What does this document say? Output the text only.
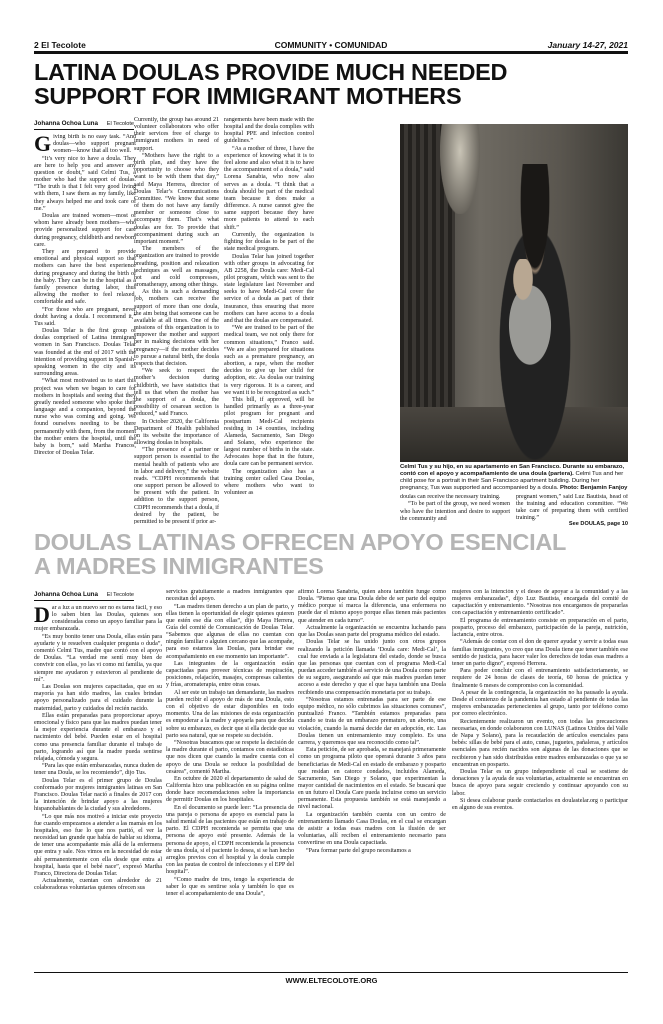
2 El Tecolote	COMMUNITY • COMUNIDAD	January 14-27, 2021
LATINA DOULAS PROVIDE MUCH NEEDED
SUPPORT FOR IMMIGRANT MOTHERS
Johanna Ochoa Luna	El Tecolote

Giving birth is no easy task. “And doulas—who support pregnant women—know that all too well.

“It’s very nice to have a doula. They are here to help you and answer any question or doubt,” said Celmi Tus, a mother who had the support of doulas. “The truth is that I felt very good living with them, I saw them as my family, like they always helped me and took care of me.”

Doulas are trained women—most of whom have already been mothers—who provide personalized support for care during pregnancy, childbirth and newborn care.

They are prepared to provide emotional and physical support so that mothers can have the best experience during pregnancy and during the birth of the baby. They can be in the hospital as a family presence during labor, thus allowing the mother to feel relaxed, comfortable and safe.

“For those who are pregnant, never doubt having a doula. I recommend it,” Tus said.

Doulas Telar is the first group of doulas comprised of Latina immigrant women in San Francisco. Doulas Telar was founded at the end of 2017 with the intention of providing support in Spanish-speaking women in the city and its surrounding areas.

“What most motivated us to start this project was when we began to care for mothers in hospitals and seeing that they greatly needed someone who spoke their language and a companion, beyond the nurse who was coming and going. We found ourselves needing to be there permanently with them, from the moment the mother enters the hospital, until the baby is born,” said Martha Francos, Director of Doulas Telar.

Currently, the group has around 21 volunteer collaborators who offer their services free of charge to immigrant mothers in need of support.

“Mothers have the right to a birth plan, and they have the opportunity to choose who they want to be with them that day,” said Maya Herrera, director of Doulas Telar’s Communications Committee. “We know that some of them do not have any family member or someone close to accompany them. That’s what doulas are for. To provide that accompaniment during such an important moment.”

The members of the organization are trained to provide breathing, position and relaxation techniques as well as massages, hot and cold compresses, aromatherapy, among other things.

As this is such a demanding job, mothers can receive the support of more than one doula, the aim being that someone can be available at all times. One of the missions of this organization is to empower the mother and support her in making decisions with her pregnancy—if the mother decides to pursue a natural birth, the doula respects that decision.

“We seek to respect the mother’s decision during childbirth, we have statistics that tell us that when the mother has the support of a doula, the possibility of cesarean section is reduced,” said Franco.

In October 2020, the California Department of Health published on its website the importance of allowing doulas in hospitals.

“The presence of a partner or support person is essential to the mental health of patients who are in labor and delivery,” the website reads. “CDPH recommends that one support person be allowed to be present with the patient. In addition to the support person, CDPH recommends that a doula, if desired by the patient, be permitted to be present if prior ar-

rangements have been made with the hospital and the doula complies with hospital PPE and infection control guidelines.”

“As a mother of three, I have the experience of knowing what it is to feel alone and also what it is to have the accompaniment of a doula,” said Lorena Sanabia, who now also serves as a doula. “I think that a doula should be part of the medical team because it does make a difference. A nurse cannot give the same support because they have more patients to attend to each shift.”

Currently, the organization is fighting for doulas to be part of the state medical program.

Doulas Telar has joined together with other groups in advocating for AB 2258, the Doula care: Medi-Cal pilot program, which was sent to the state legislature last November and seeks to have Medi-Cal cover the service of a doula as part of their insurance, thus ensuring that more mothers can have access to a doula and that the doulas are compensated.

“We are trained to be part of the medical team, we not only there for common situations,” Franco said. “We are also prepared for situations such as a premature pregnancy, an abortion, a rape, when the mother decides to give up her child for adoption, etc. As doulas our training is very rigorous. It is a career, and we want it to be recognized as such.”

This bill, if approved, will be handled primarily as a three-year pilot program for pregnant and postpartum Medi-Cal recipients residing in 14 counties, including Alameda, Sacramento, San Diego and Solano, who experience the largest number of births in the state. Advocates hope that in the future, doula care can be permanent service.

The organization also has a training center called Casa Doulas, where mothers who want to volunteer as

doulas can receive the necessary training.

“To be part of the group, we need women who have the intention and desire to support the community and

pregnant women,” said Luz Bautista, head of the training and education committee. “We take care of preparing them with certified training.”

Celmi Tus y su hijo, en su apartamento en San Francisco. Durante su embarazo, contó con el apoyo y acompañamiento de una doula (partera). Celmi Tus and her child pose for a portrait in their San Francisco apartment building. During her pregnancy, Tus was supported and accompanied by a doula. Photo: Benjamin Fanjoy
See DOULAS, page 10
DOULAS LATINAS OFRECEN APOYO ESENCIAL
A MADRES INMIGRANTES
Johanna Ochoa Luna	El Tecolote

Dar a luz a un nuevo ser no es tarea fácil, y eso lo saben bien las Doulas, quienes son consideradas como un apoyo familiar para la mujer embarazada.

“Es muy bonito tener una Doula, ellas están para ayudarte y te resuelven cualquier pregunta o duda”, comentó Celmi Tus, madre que contó con el apoyo de Doulas. “La verdad me sentí muy bien de convivir con ellas, yo las vi como mi familia, ya que siempre me ayudaron y estuvieron al pendiente de mí”.

Las Doulas son mujeres capacitadas, que en su mayoría ya han sido madres, las cuales brindan apoyo personalizado para el cuidado durante la maternidad, parto y cuidados del recién nacido.

Ellas están preparadas para proporcionar apoyo emocional y físico para que las madres puedan tener la mejor experiencia durante el embarazo y el nacimiento del bebé. Pueden estar en el hospital como una presencia familiar durante el trabajo de parto, logrando así que la madre pueda sentirse relajada, cómoda y segura.

“Para las que están embarazadas, nunca duden de tener una Doula, se los recomiendo”, dijo Tus.

Doulas Telar es el primer grupo de Doulas conformado por mujeres inmigrantes latinas en San Francisco. Doulas Telar nació a finales de 2017 con la intención de brindar apoyo a las mujeres hispanohablantes de la ciudad y sus alrededores.

“Lo que más nos motivó a iniciar este proyecto fue cuando empezamos a atender a las mamás en los hospitales, eso fue lo que nos partió, el ver la necesidad tan grande que había de hablar su idioma, de tener una acompañante más allá de la enfermera que entra y sale. Nos vimos en la necesidad de estar ahí permanentemente con ella desde que entra al hospital, hasta que el bebé nace”, expresó Martha Franco, Directora de Doulas Telar.

Actualmente, cuentan con alrededor de 21 colaboradoras voluntarias quienes ofrecen sus

servicios gratuitamente a madres inmigrantes que necesitan del apoyo.

“Las madres tienen derecho a un plan de parto, y ellas tienen la oportunidad de elegir quienes quieren que estén ese día con ellas”, dijo Maya Herrera, Guía del comité de Comunicación de Doulas Telar. “Sabemos que algunas de ellas no cuentan con ningún familiar o alguien cercano que las acompañe, para eso estamos las Doulas, para brindar ese acompañamiento en ese momento tan importante”.

Las integrantes de la organización están capacitadas para proveer técnicas de respiración, posiciones, relajación, masajes, compresas calientes y frías, aromaterapia, entre otras cosas.

Al ser este un trabajo tan demandante, las madres pueden recibir el apoyo de más de una Doula, esto con el objetivo de estar disponibles en todo momento. Una de las misiones de esta organización es empoderar a la madre y apoyarla para que decida sobre su embarazo, es decir que si ella decide que su parto sea natural, que se respete su decisión.

“Nosotras buscamos que se respete la decisión de la madre durante el parto, contamos con estadísticas que nos dicen que cuando la madre cuenta con el apoyo de una Doula se reduce la posibilidad de cesárea”, comentó Martha.

En octubre de 2020 el departamento de salud de California hizo una publicación en su página online donde hace recomendaciones sobre la importancia de permitir Doulas en los hospitales.

En el documento se puede leer: “La presencia de una pareja o persona de apoyo es esencial para la salud mental de las pacientes que están en trabajo de parto. El CDPH recomienda se permita que una persona de apoyo esté presente. Además de la persona de apoyo, el CDPH recomienda la presencia de una doula, si el paciente lo desea, si se han hecho arreglos previos con el hospital y la doula cumple con las pautas de control de infecciones y el EPP del hospital”.

“Como madre de tres, tengo la experiencia de saber lo que es sentirse sola y también lo que es tener el acompañamiento de una Doula”,

afirmó Lorena Sanabria, quien ahora también funge como Doula. “Pienso que una Doula debe de ser parte del equipo médico porque sí marca la diferencia, una enfermera no puede dar el mismo apoyo porque ellas tienen más pacientes que atender en cada turno”.

Actualmente la organización se encuentra luchando para que las Doulas sean parte del programa médico del estado.

Doulas Telar se ha unido junto con otros grupos realizando la petición llamada ‘Doula care: Medi-Cal’, la cual fue enviada a la legislatura del estado, donde se busca que las personas que cuentan con el programa Medi-Cal puedan acceder también al servicio de una Doula como parte de su seguro, asegurando así que más madres puedan tener acceso a este derecho y que el que haya también una Doula recibiendo una compensación monetaria por su trabajo.

“Nosotras estamos entrenadas para ser parte de ese equipo médico, no sólo cubrimos las situaciones comunes”, puntualizó Franco. “También estamos preparadas para cuando se trata de un embarazo prematuro, un aborto, una violación, cuando la mamá decide dar en adopción, etc. Las Doulas tienen un entrenamiento muy completo. Es una carrera, y queremos que sea reconocido como tal”.

Esta petición, de ser aprobada, se manejará primeramente como un programa piloto que operará durante 3 años para beneficiarias de Medi-Cal en estado de embarazo y posparto que residan en catorce condados, incluidos Alameda, Sacramento, San Diego y Solano, que experimentan la mayor cantidad de nacimientos en el estado. Se buscará que en un futuro el Doula Care pueda incluirse como un servicio permanente. Esta propuesta también se está manejando a nivel nacional.

La organización también cuenta con un centro de entrenamiento llamado Casa Doulas, en el cual se encargan de asistir a todas esas madres con la ilusión de ser voluntarias, allí reciben el entrenamiento necesario para convertirse en una Doula capacitada.

“Para formar parte del grupo necesitamos a

mujeres con la intención y el deseo de apoyar a la comunidad y a las mujeres embarazadas”, dijo Luz Bautista, encargada del comité de capacitación y entrenamiento. “Nosotras nos encargamos de prepararlas con capacitación y entrenamiento certificado”.

El programa de entrenamiento consiste en preparación en el parto, posparto, proceso del embarazo, participación de la pareja, nutrición, lactancia, entre otros.

“Además de contar con el don de querer ayudar y servir a todas esas familias inmigrantes, yo creo que una Doula tiene que tener también ese sentido de justicia, para hacer valer los derechos de todas esas madres a tener un parto digno”, expresó Herrera.

Para poder concluir con el entrenamiento satisfactoriamente, se requiere de 24 horas de clases de teoría, 60 horas de práctica y finalmente 6 meses de compromiso con la comunidad.

A pesar de la contingencia, la organización no ha pausado la ayuda. Desde el comienzo de la pandemia han estado al pendiente de todas las mujeres embarazadas pertenecientes al grupo, tanto por teléfono como por correo electrónico.

Recientemente realizaron un evento, con todas las precauciones necesarias, en donde colaboraron con LUNAS (Latinos Unidos del Valle de Napa y Solano), para la recaudación de artículos esenciales para bebés: sillas de bebé para el auto, cunas, juguetes, pañaleras, y artículos esenciales para recién nacidos son algunas de las donaciones que se recibieron y han sido distribuidas entre madres embarazadas o que ya se encuentran en posparto.

Doulas Telar es un grupo independiente el cual se sostiene de donaciones y la ayuda de sus voluntarias, actualmente se encuentran en busca de apoyo para seguir creciendo y continuar apoyando con su labor.

Si desea colaborar puede contactarlos en doulastelar.org o participar en alguno de sus eventos.

WWW.ELTECOLOTE.ORG
